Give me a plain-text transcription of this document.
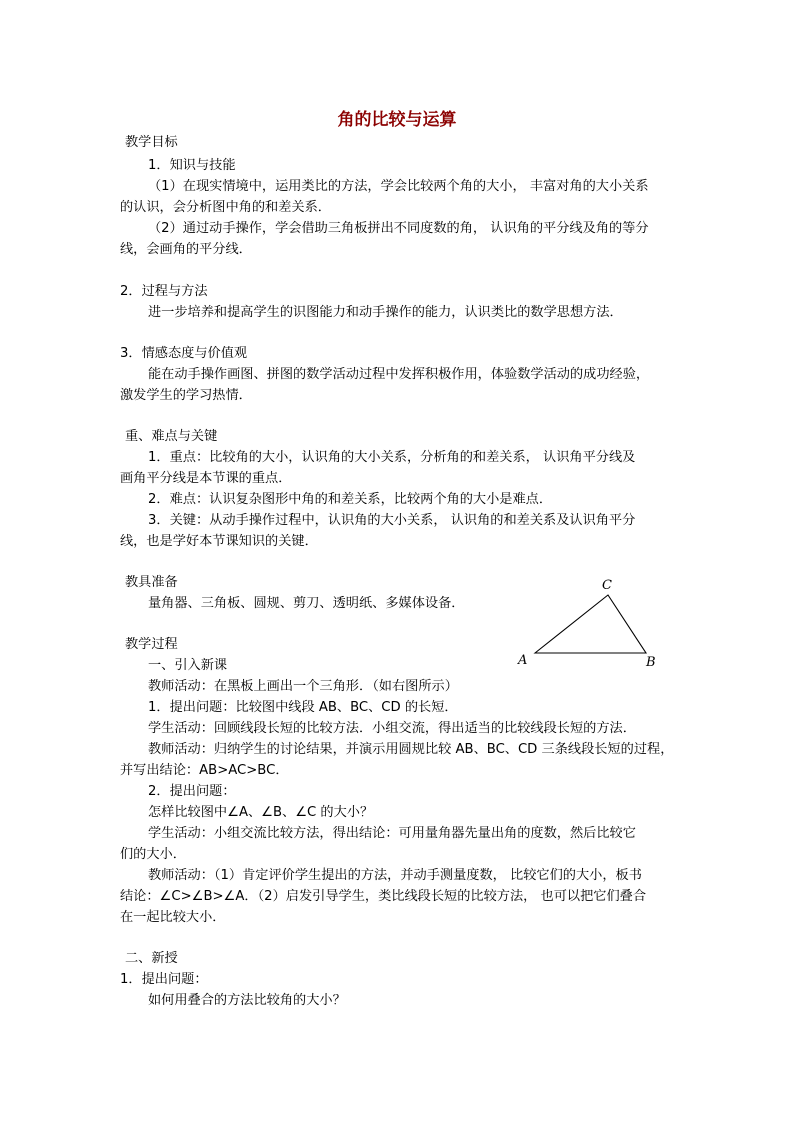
角的比较与运算
教学目标
1．知识与技能
（1）在现实情境中，运用类比的方法，学会比较两个角的大小， 丰富对角的大小关系
的认识，会分析图中角的和差关系．
（2）通过动手操作，学会借助三角板拼出不同度数的角， 认识角的平分线及角的等分
线，会画角的平分线．
2．过程与方法
进一步培养和提高学生的识图能力和动手操作的能力，认识类比的数学思想方法．
3．情感态度与价值观
能在动手操作画图、拼图的数学活动过程中发挥积极作用，体验数学活动的成功经验，
激发学生的学习热情．
重、难点与关键
1．重点：比较角的大小，认识角的大小关系，分析角的和差关系， 认识角平分线及
画角平分线是本节课的重点．
2．难点：认识复杂图形中角的和差关系，比较两个角的大小是难点．
3．关键：从动手操作过程中，认识角的大小关系， 认识角的和差关系及认识角平分
线，也是学好本节课知识的关键．
教具准备
量角器、三角板、圆规、剪刀、透明纸、多媒体设备．
教学过程
一、引入新课
教师活动：在黑板上画出一个三角形．（如右图所示）
1．提出问题：比较图中线段 AB、BC、CD 的长短．
学生活动：回顾线段长短的比较方法．小组交流，得出适当的比较线段长短的方法．
教师活动：归纳学生的讨论结果，并演示用圆规比较 AB、BC、CD 三条线段长短的过程，
并写出结论：AB>AC>BC．
2．提出问题：
怎样比较图中∠A、∠B、∠C 的大小？
学生活动：小组交流比较方法，得出结论：可用量角器先量出角的度数，然后比较它
们的大小．
教师活动：（1）肯定评价学生提出的方法，并动手测量度数， 比较它们的大小，板书
结论：∠C>∠B>∠A．（2）启发引导学生，类比线段长短的比较方法， 也可以把它们叠合
在一起比较大小．
二、新授
1．提出问题：
如何用叠合的方法比较角的大小？
A	B
C
